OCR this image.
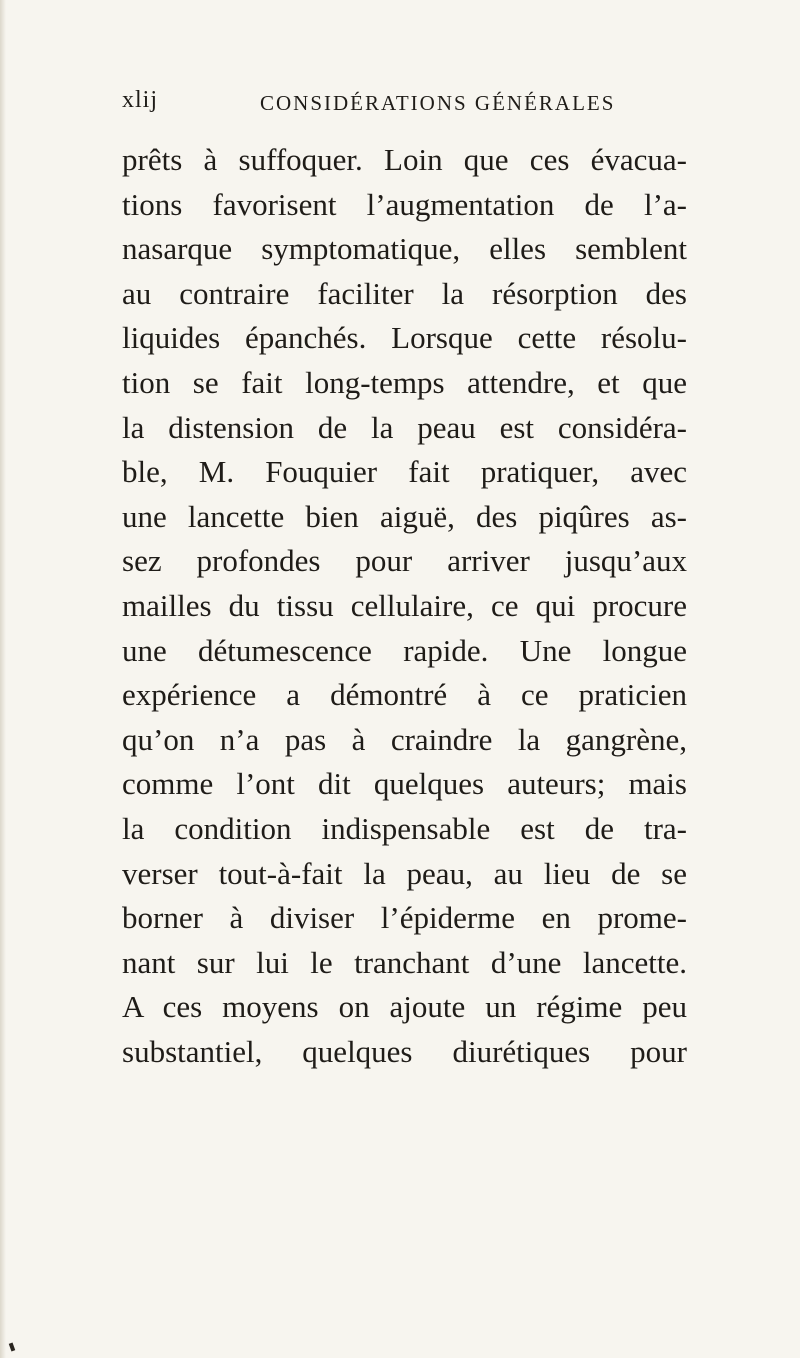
xlij	CONSIDÉRATIONS GÉNÉRALES
prêts à suffoquer. Loin que ces évacua-
tions favorisent l’augmentation de l’a-
nasarque symptomatique, elles semblent
au contraire faciliter la résorption des
liquides épanchés. Lorsque cette résolu-
tion se fait long-temps attendre, et que
la distension de la peau est considéra-
ble, M. Fouquier fait pratiquer, avec
une lancette bien aiguë, des piqûres as-
sez profondes pour arriver jusqu’aux
mailles du tissu cellulaire, ce qui procure
une détumescence rapide. Une longue
expérience a démontré à ce praticien
qu’on n’a pas à craindre la gangrène,
comme l’ont dit quelques auteurs; mais
la condition indispensable est de tra-
verser tout-à-fait la peau, au lieu de se
borner à diviser l’épiderme en prome-
nant sur lui le tranchant d’une lancette.
A ces moyens on ajoute un régime peu
substantiel, quelques diurétiques pour
